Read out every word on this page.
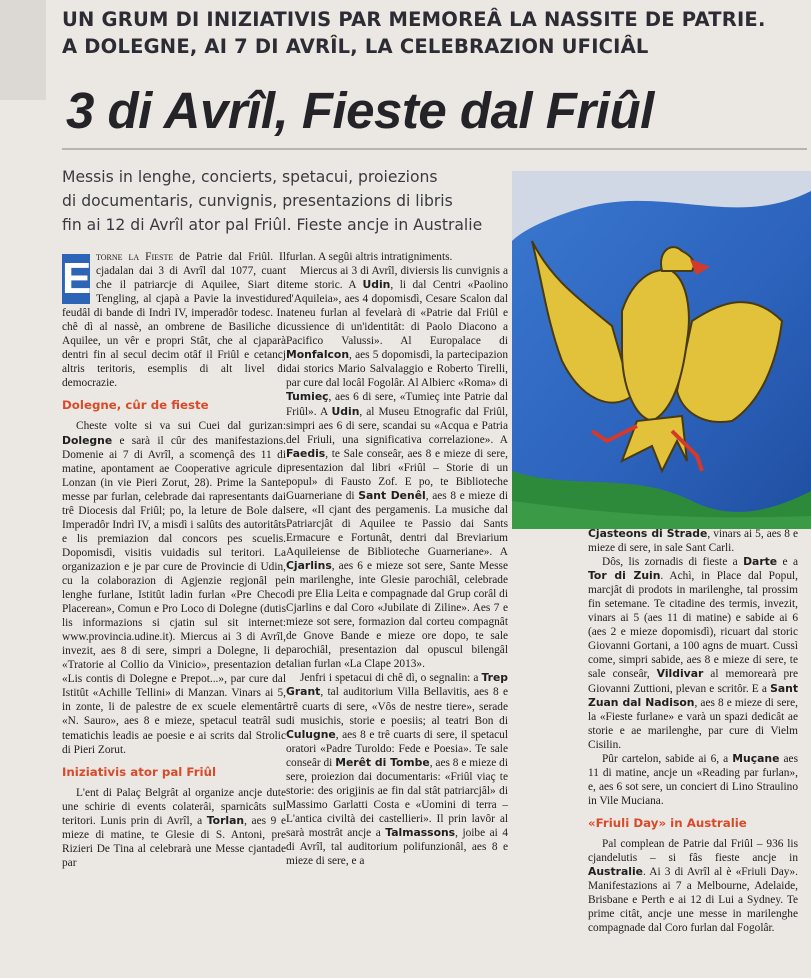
UN GRUM DI INIZIATIVIS PAR MEMOREÂ LA NASSITE DE PATRIE.
A DOLEGNE, AI 7 DI AVRÎL, LA CELEBRAZION UFICIÂL
3 di Avrîl, Fieste dal Friûl
Messis in lenghe, concierts, spetacui, proiezions
di documentaris, cunvignis, presentazions di libris
fin ai 12 di Avrîl ator pal Friûl. Fieste ancje in Australie

E torne la Fieste de Patrie dal Friûl. Il cjadalan dai 3 di Avrîl dal 1077, cuant che il patriarcje di Aquilee, Siart di Tengling, al cjapà a Pavie la investidure feudâl di bande di Indrì IV, imperadôr todesc. In chê dì al nassè, an ombrene de Basiliche di Aquilee, un vêr e propri Stât, che al cjaparà dentri fin al secul decim otâf il Friûl e cetancj altris teritoris, esemplis di alt livel di democrazie.

Dolegne, cûr de fieste

Cheste volte si va sui Cuei dal gurizan: Dolegne e sarà il cûr des manifestazions. Domenie ai 7 di Avrîl, a scomençâ des 11 di matine, apontament ae Cooperative agricule di Lonzan (in vie Pieri Zorut, 28). Prime la Sante messe par furlan, celebrade dai rapresentants dai trê Diocesis dal Friûl; po, la leture de Bole dal Imperadôr Indrì IV, a misdì i salûts des autoritâts e lis premiazion dal concors pes scuelis. Dopomisdì, visitis vuidadis sul teritori. La organizazion e je par cure de Provincie di Udin, cu la colaborazion di Agjenzie regjonâl pe lenghe furlane, Istitût ladin furlan «Pre Checo Placerean», Comun e Pro Loco di Dolegne (dutis lis informazions si cjatin sul sit internet: www.provincia.udine.it). Miercus ai 3 di Avrîl, invezit, aes 8 di sere, simpri a Dolegne, li de «Tratorie al Collio da Vinicio», presentazion de «Lis contis di Dolegne e Prepot...», par cure dal Istitût «Achille Tellini» di Manzan. Vinars ai 5, in zonte, li de palestre de ex scuele elementâr «N. Sauro», aes 8 e mieze, spetacul teatrâl su tematichis leadis ae poesie e ai scrits dal Strolic di Pieri Zorut.

Iniziativis ator pal Friûl

L'ent di Palaç Belgrât al organize ancje dute une schirie di events colaterâi, sparnicâts sul teritori. Lunis prin di Avrîl, a Torlan, aes 9 e mieze di matine, te Glesie di S. Antoni, pre Rizieri De Tina al celebrarà une Messe cjantade par

furlan. A segûi altris intratigniments.

Miercus ai 3 di Avrîl, diviersis lis cunvignis a teme storic. A Udin, li dal Centri «Paolino d'Aquileia», aes 4 dopomisdì, Cesare Scalon dal ateneu furlan al fevelarà di «Patrie dal Friûl e cussience di un'identitât: di Paolo Diacono a Pacifico Valussi». Al Europalace di Monfalcon, aes 5 dopomisdì, la partecipazion dai storics Mario Salvalaggio e Roberto Tirelli, par cure dal locâl Fogolâr. Al Albierc «Roma» di Tumieç, aes 6 di sere, «Tumieç inte Patrie dal Friûl». A Udin, al Museu Etnografic dal Friûl, simpri aes 6 di sere, scandai su «Acqua e Patria del Friuli, una significativa correlazione». A Faedis, te Sale conseâr, aes 8 e mieze di sere, presentazion dal libri «Friûl – Storie di un popul» di Fausto Zof. E po, te Biblioteche Guarneriane di Sant Denêl, aes 8 e mieze di sere, «Il cjant des pergamenis. La musiche dal Patriarcjât di Aquilee te Passio dai Sants Ermacure e Fortunât, dentri dal Breviarium Aquileiense de Biblioteche Guarneriane». A Cjarlins, aes 6 e mieze sot sere, Sante Messe in marilenghe, inte Glesie parochiâl, celebrade di pre Elia Leita e compagnade dal Grup corâl di Cjarlins e dal Coro «Jubilate di Ziline». Aes 7 e mieze sot sere, formazion dal corteu compagnât de Gnove Bande e mieze ore dopo, te sale parochiâl, presentazion dal opuscul bilengâl talian furlan «La Clape 2013».

Jenfri i spetacui di chê dì, o segnalin: a Trep Grant, tal auditorium Villa Bellavitis, aes 8 e trê cuarts di sere, «Vôs de nestre tiere», serade di musichis, storie e poesiis; al teatri Bon di Culugne, aes 8 e trê cuarts di sere, il spetacul oratori «Padre Turoldo: Fede e Poesia». Te sale conseâr di Merêt di Tombe, aes 8 e mieze di sere, proiezion dai documentaris: «Friûl viaç te storie: des origjinis ae fin dal stât patriarcjâl» di Massimo Garlatti Costa e «Uomini di terra – L'antica civiltà dei castellieri». Il prin lavôr al sarà mostrât ancje a Talmassons, joibe ai 4 di Avrîl, tal auditorium polifunzionâl, aes 8 e mieze di sere, e a

Cjasteons di Strade, vinars ai 5, aes 8 e mieze di sere, in sale Sant Carli.

Dôs, lis zornadis di fieste a Darte e a Tor di Zuin. Achì, in Place dal Popul, marcjât di prodots in marilenghe, tal prossim fin setemane. Te citadine des termis, invezit, vinars ai 5 (aes 11 di matine) e sabide ai 6 (aes 2 e mieze dopomisdì), ricuart dal storic Giovanni Gortani, a 100 agns de muart. Cussì come, simpri sabide, aes 8 e mieze di sere, te sale conseâr, Vildivar al memorearà pre Giovanni Zuttioni, plevan e scritôr. E a Sant Zuan dal Nadison, aes 8 e mieze di sere, la «Fieste furlane» e varà un spazi dedicât ae storie e ae marilenghe, par cure di Vielm Cisilin.

Pûr cartelon, sabide ai 6, a Muçane aes 11 di matine, ancje un «Reading par furlan», e, aes 6 sot sere, un conciert di Lino Straulino in Vile Muciana.

«Friuli Day» in Australie

Pal complean de Patrie dal Friûl – 936 lis cjandelutis – si fâs fieste ancje in Australie. Ai 3 di Avrîl al è «Friuli Day». Manifestazions ai 7 a Melbourne, Adelaide, Brisbane e Perth e ai 12 di Lui a Sydney. Te prime citât, ancje une messe in marilenghe compagnade dal Coro furlan dal Fogolâr.
